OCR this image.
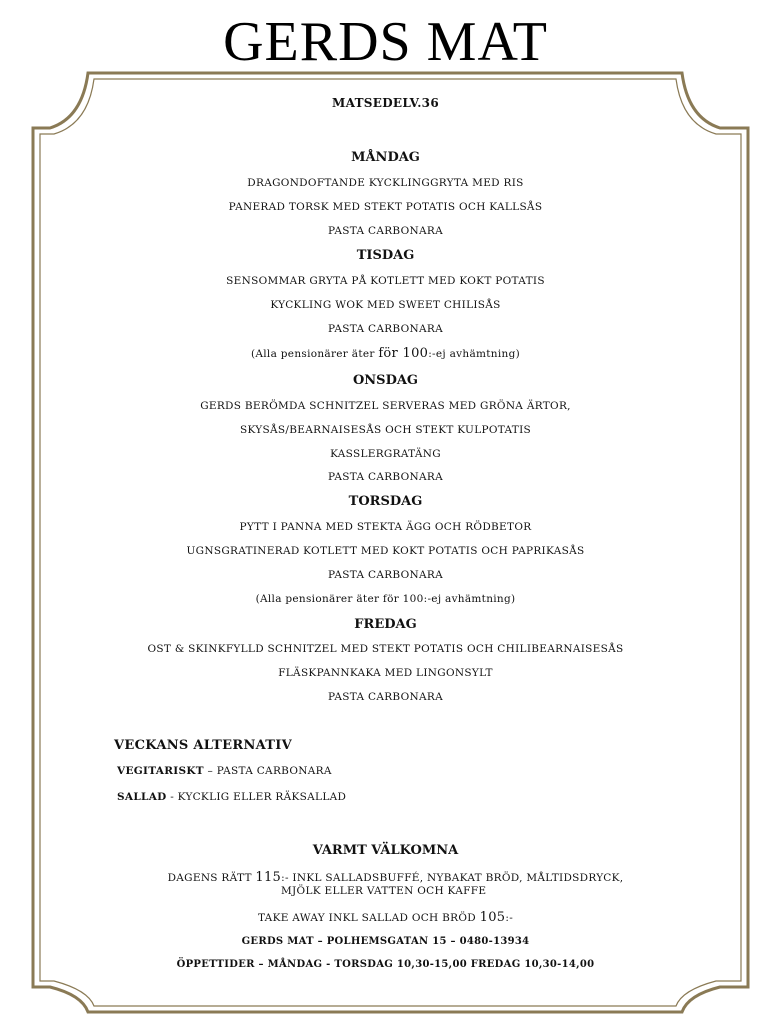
GERDS MAT
MATSEDELV.36
MÅNDAG
DRAGONDOFTANDE KYCKLINGGRYTA MED RIS
PANERAD TORSK MED STEKT POTATIS OCH KALLSÅS
PASTA CARBONARA
TISDAG
SENSOMMAR GRYTA PÅ KOTLETT MED KOKT POTATIS
KYCKLING WOK MED SWEET CHILISÅS
PASTA CARBONARA
(Alla pensionärer äter för 100:-ej avhämtning)
ONSDAG
GERDS BERÖMDA SCHNITZEL SERVERAS MED GRÖNA ÄRTOR,
SKYSÅS/BEARNAISESÅS OCH STEKT KULPOTATIS
KASSLERGRATÄNG
PASTA CARBONARA
TORSDAG
PYTT I PANNA MED STEKTA ÄGG OCH RÖDBETOR
UGNSGRATINERAD KOTLETT MED KOKT POTATIS OCH PAPRIKASÅS
PASTA CARBONARA
(Alla pensionärer äter för 100:-ej avhämtning)
FREDAG
OST & SKINKFYLLD SCHNITZEL MED STEKT POTATIS OCH CHILIBEARNAISESÅS
FLÄSKPANNKAKA MED LINGONSYLT
PASTA CARBONARA
VECKANS ALTERNATIV
VEGITARISKT – PASTA CARBONARA
SALLAD - KYCKLIG ELLER RÄKSALLAD
VARMT VÄLKOMNA
DAGENS RÄTT 115:- INKL SALLADSBUFFÉ, NYBAKAT BRÖD, MÅLTIDSDRYCK,
MJÖLK ELLER VATTEN OCH KAFFE
TAKE AWAY INKL SALLAD OCH BRÖD 105:-
GERDS MAT – POLHEMSGATAN 15 – 0480-13934
ÖPPETTIDER – MÅNDAG - TORSDAG 10,30-15,00 FREDAG 10,30-14,00
